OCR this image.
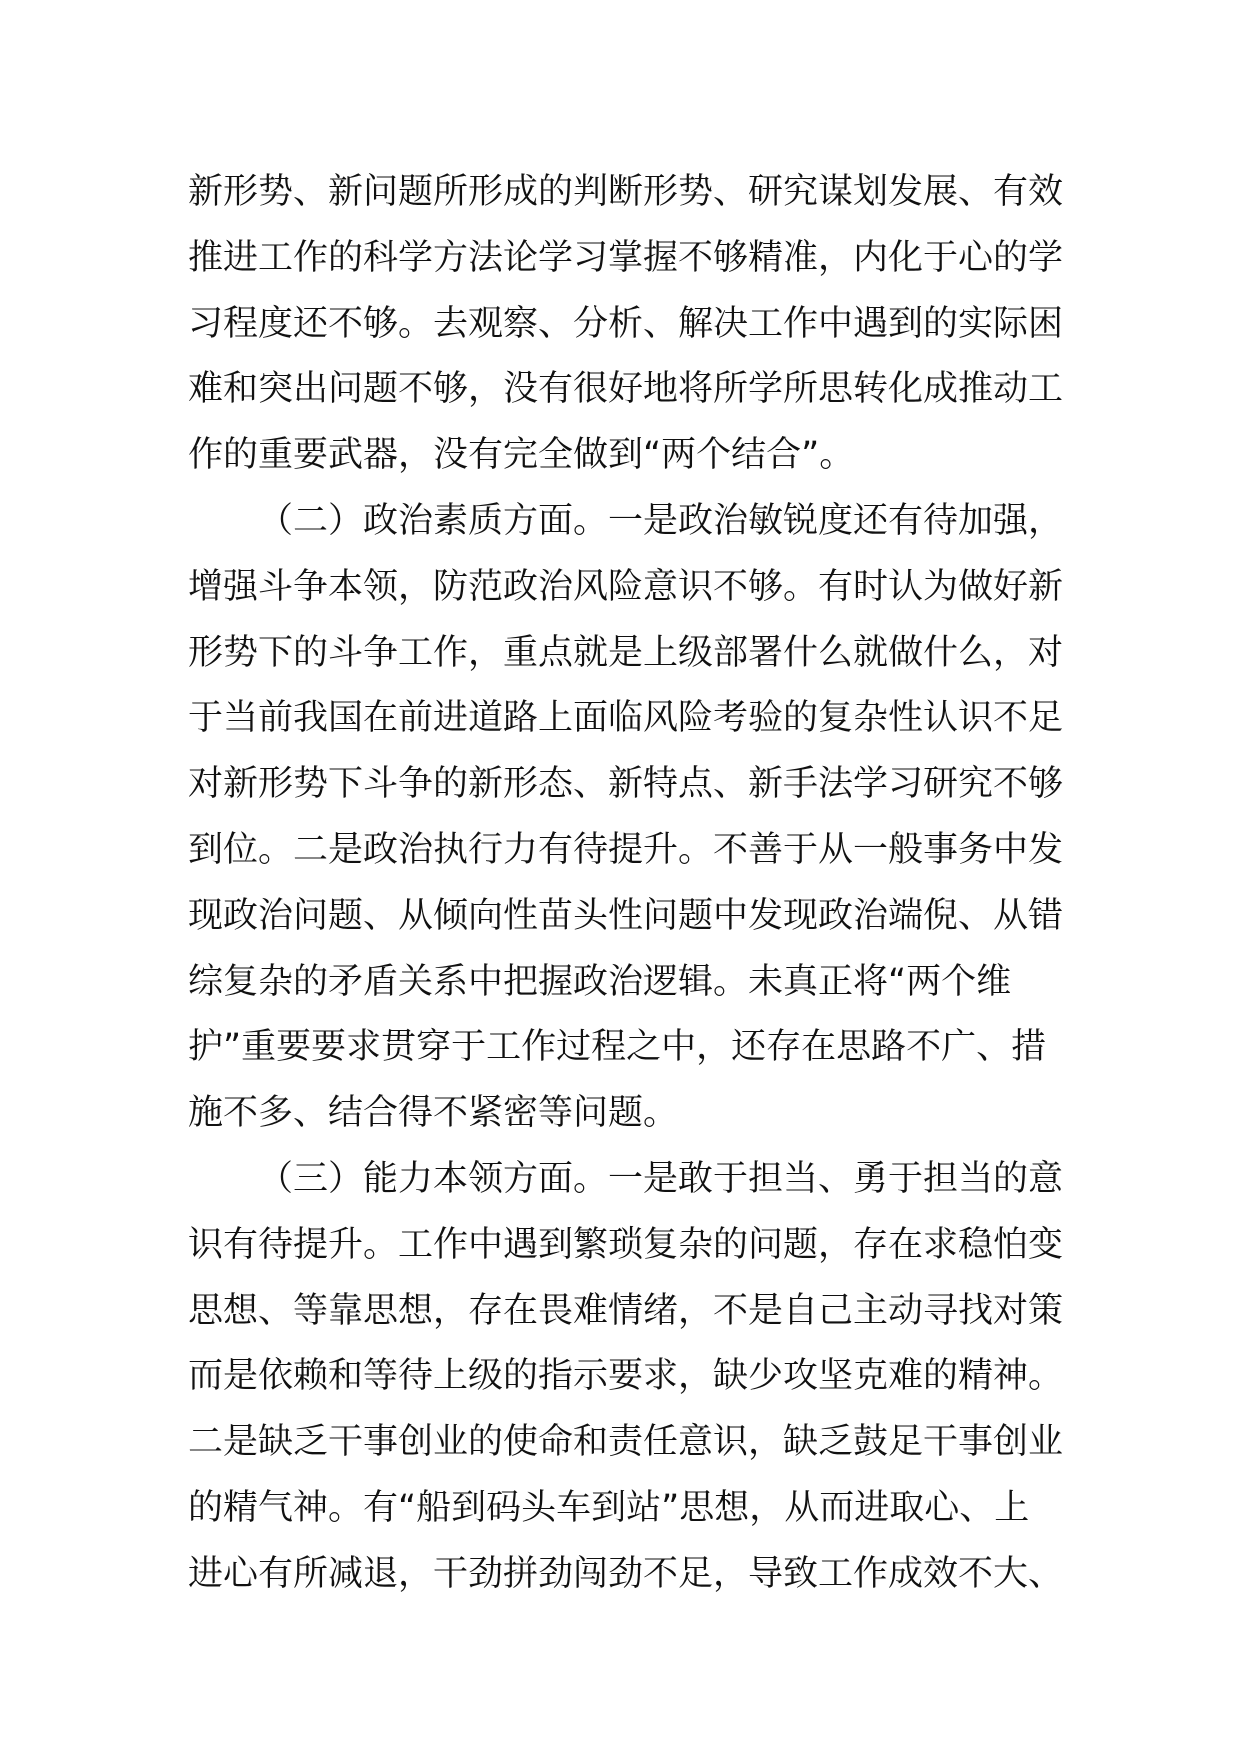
新形势、新问题所形成的判断形势、研究谋划发展、有效
推进工作的科学方法论学习掌握不够精准，内化于心的学
习程度还不够。去观察、分析、解决工作中遇到的实际困
难和突出问题不够，没有很好地将所学所思转化成推动工
作的重要武器，没有完全做到“两个结合”。
（二）政治素质方面。一是政治敏锐度还有待加强，
增强斗争本领，防范政治风险意识不够。有时认为做好新
形势下的斗争工作，重点就是上级部署什么就做什么，对
于当前我国在前进道路上面临风险考验的复杂性认识不足
对新形势下斗争的新形态、新特点、新手法学习研究不够
到位。二是政治执行力有待提升。不善于从一般事务中发
现政治问题、从倾向性苗头性问题中发现政治端倪、从错
综复杂的矛盾关系中把握政治逻辑。未真正将“两个维
护”重要要求贯穿于工作过程之中，还存在思路不广、措
施不多、结合得不紧密等问题。
（三）能力本领方面。一是敢于担当、勇于担当的意
识有待提升。工作中遇到繁琐复杂的问题，存在求稳怕变
思想、等靠思想，存在畏难情绪，不是自己主动寻找对策
而是依赖和等待上级的指示要求，缺少攻坚克难的精神。
二是缺乏干事创业的使命和责任意识，缺乏鼓足干事创业
的精气神。有“船到码头车到站”思想，从而进取心、上
进心有所减退，干劲拼劲闯劲不足，导致工作成效不大、
